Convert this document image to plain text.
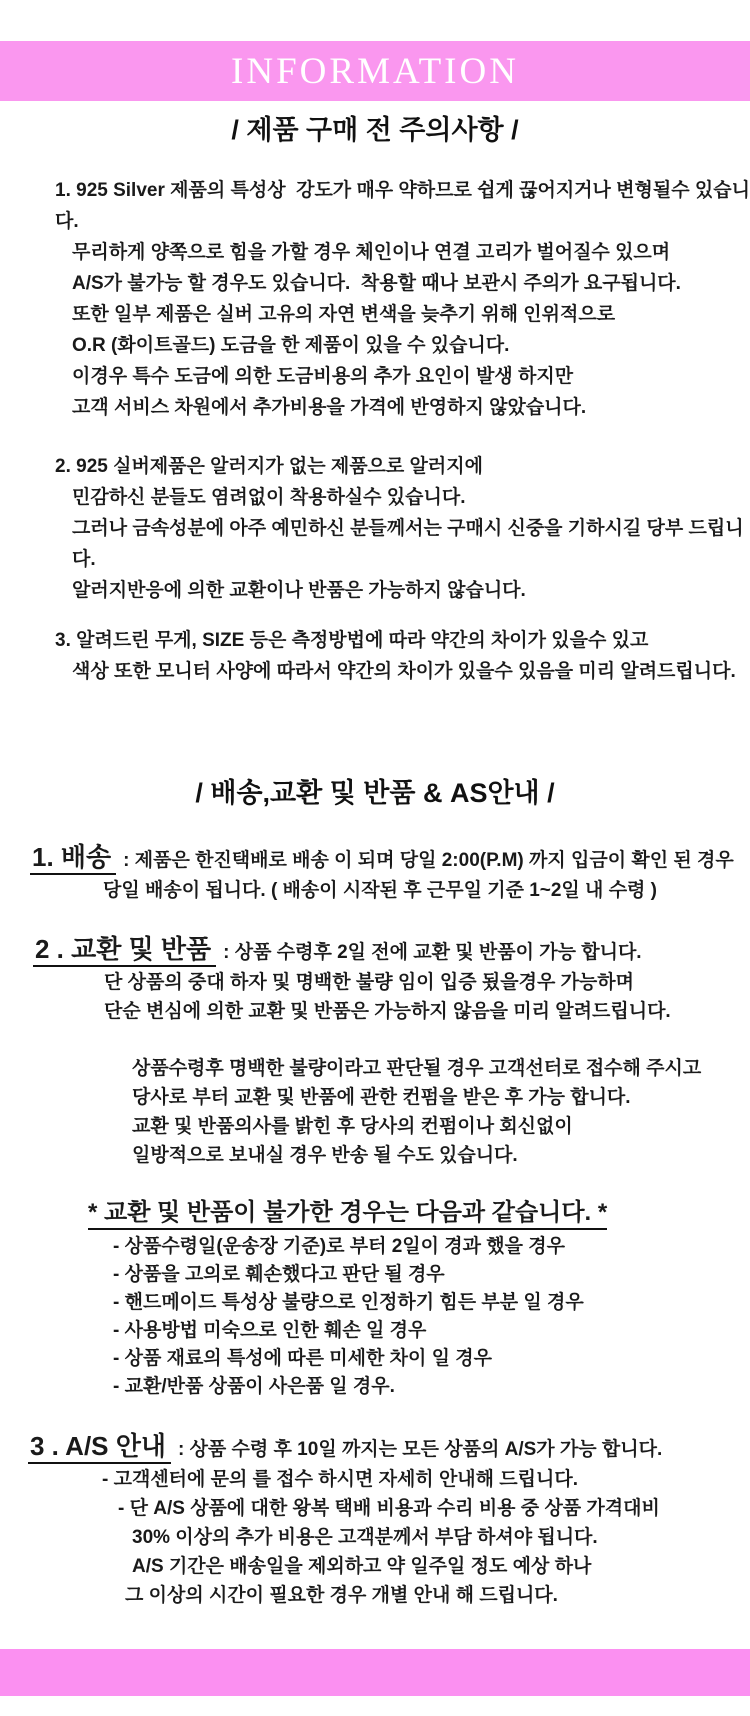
INFORMATION
/ 제품 구매 전 주의사항 /
1. 925 Silver 제품의 특성상  강도가 매우 약하므로 쉽게 끊어지거나 변형될수 있습니다.
무리하게 양쪽으로 힘을 가할 경우 체인이나 연결 고리가 벌어질수 있으며
A/S가 불가능 할 경우도 있습니다.  착용할 때나 보관시 주의가 요구됩니다.
또한 일부 제품은 실버 고유의 자연 변색을 늦추기 위해 인위적으로
O.R (화이트골드) 도금을 한 제품이 있을 수 있습니다.
이경우 특수 도금에 의한 도금비용의 추가 요인이 발생 하지만
고객 서비스 차원에서 추가비용을 가격에 반영하지 않았습니다.
2. 925 실버제품은 알러지가 없는 제품으로 알러지에
민감하신 분들도 염려없이 착용하실수 있습니다.
그러나 금속성분에 아주 예민하신 분들께서는 구매시 신중을 기하시길 당부 드립니다.
알러지반응에 의한 교환이나 반품은 가능하지 않습니다.
3. 알려드린 무게, SIZE 등은 측정방법에 따라 약간의 차이가 있을수 있고
색상 또한 모니터 사양에 따라서 약간의 차이가 있을수 있음을 미리 알려드립니다.
/ 배송,교환 및 반품 & AS안내 /
1. 배송 : 제품은 한진택배로 배송 이 되며 당일 2:00(P.M) 까지 입금이 확인 된 경우
당일 배송이 됩니다. ( 배송이 시작된 후 근무일 기준 1~2일 내 수령 )
2 . 교환 및 반품 : 상품 수령후 2일 전에 교환 및 반품이 가능 합니다.
단 상품의 중대 하자 및 명백한 불량 임이 입증 됬을경우 가능하며
단순 변심에 의한 교환 및 반품은 가능하지 않음을 미리 알려드립니다.
상품수령후 명백한 불량이라고 판단될 경우 고객선터로 접수해 주시고
당사로 부터 교환 및 반품에 관한 컨펌을 받은 후 가능 합니다.
교환 및 반품의사를 밝힌 후 당사의 컨펌이나 회신없이
일방적으로 보내실 경우 반송 될 수도 있습니다.
* 교환 및 반품이 불가한 경우는 다음과 같습니다. *
- 상품수령일(운송장 기준)로 부터 2일이 경과 했을 경우
- 상품을 고의로 훼손했다고 판단 될 경우
- 핸드메이드 특성상 불량으로 인정하기 힘든 부분 일 경우
- 사용방법 미숙으로 인한 훼손 일 경우
- 상품 재료의 특성에 따른 미세한 차이 일 경우
- 교환/반품 상품이 사은품 일 경우.
3 . A/S 안내 : 상품 수령 후 10일 까지는 모든 상품의 A/S가 가능 합니다.
- 고객센터에 문의 를 접수 하시면 자세히 안내해 드립니다.
- 단 A/S 상품에 대한 왕복 택배 비용과 수리 비용 중 상품 가격대비
30% 이상의 추가 비용은 고객분께서 부담 하셔야 됩니다.
A/S 기간은 배송일을 제외하고 약 일주일 정도 예상 하나
그 이상의 시간이 필요한 경우 개별 안내 해 드립니다.
